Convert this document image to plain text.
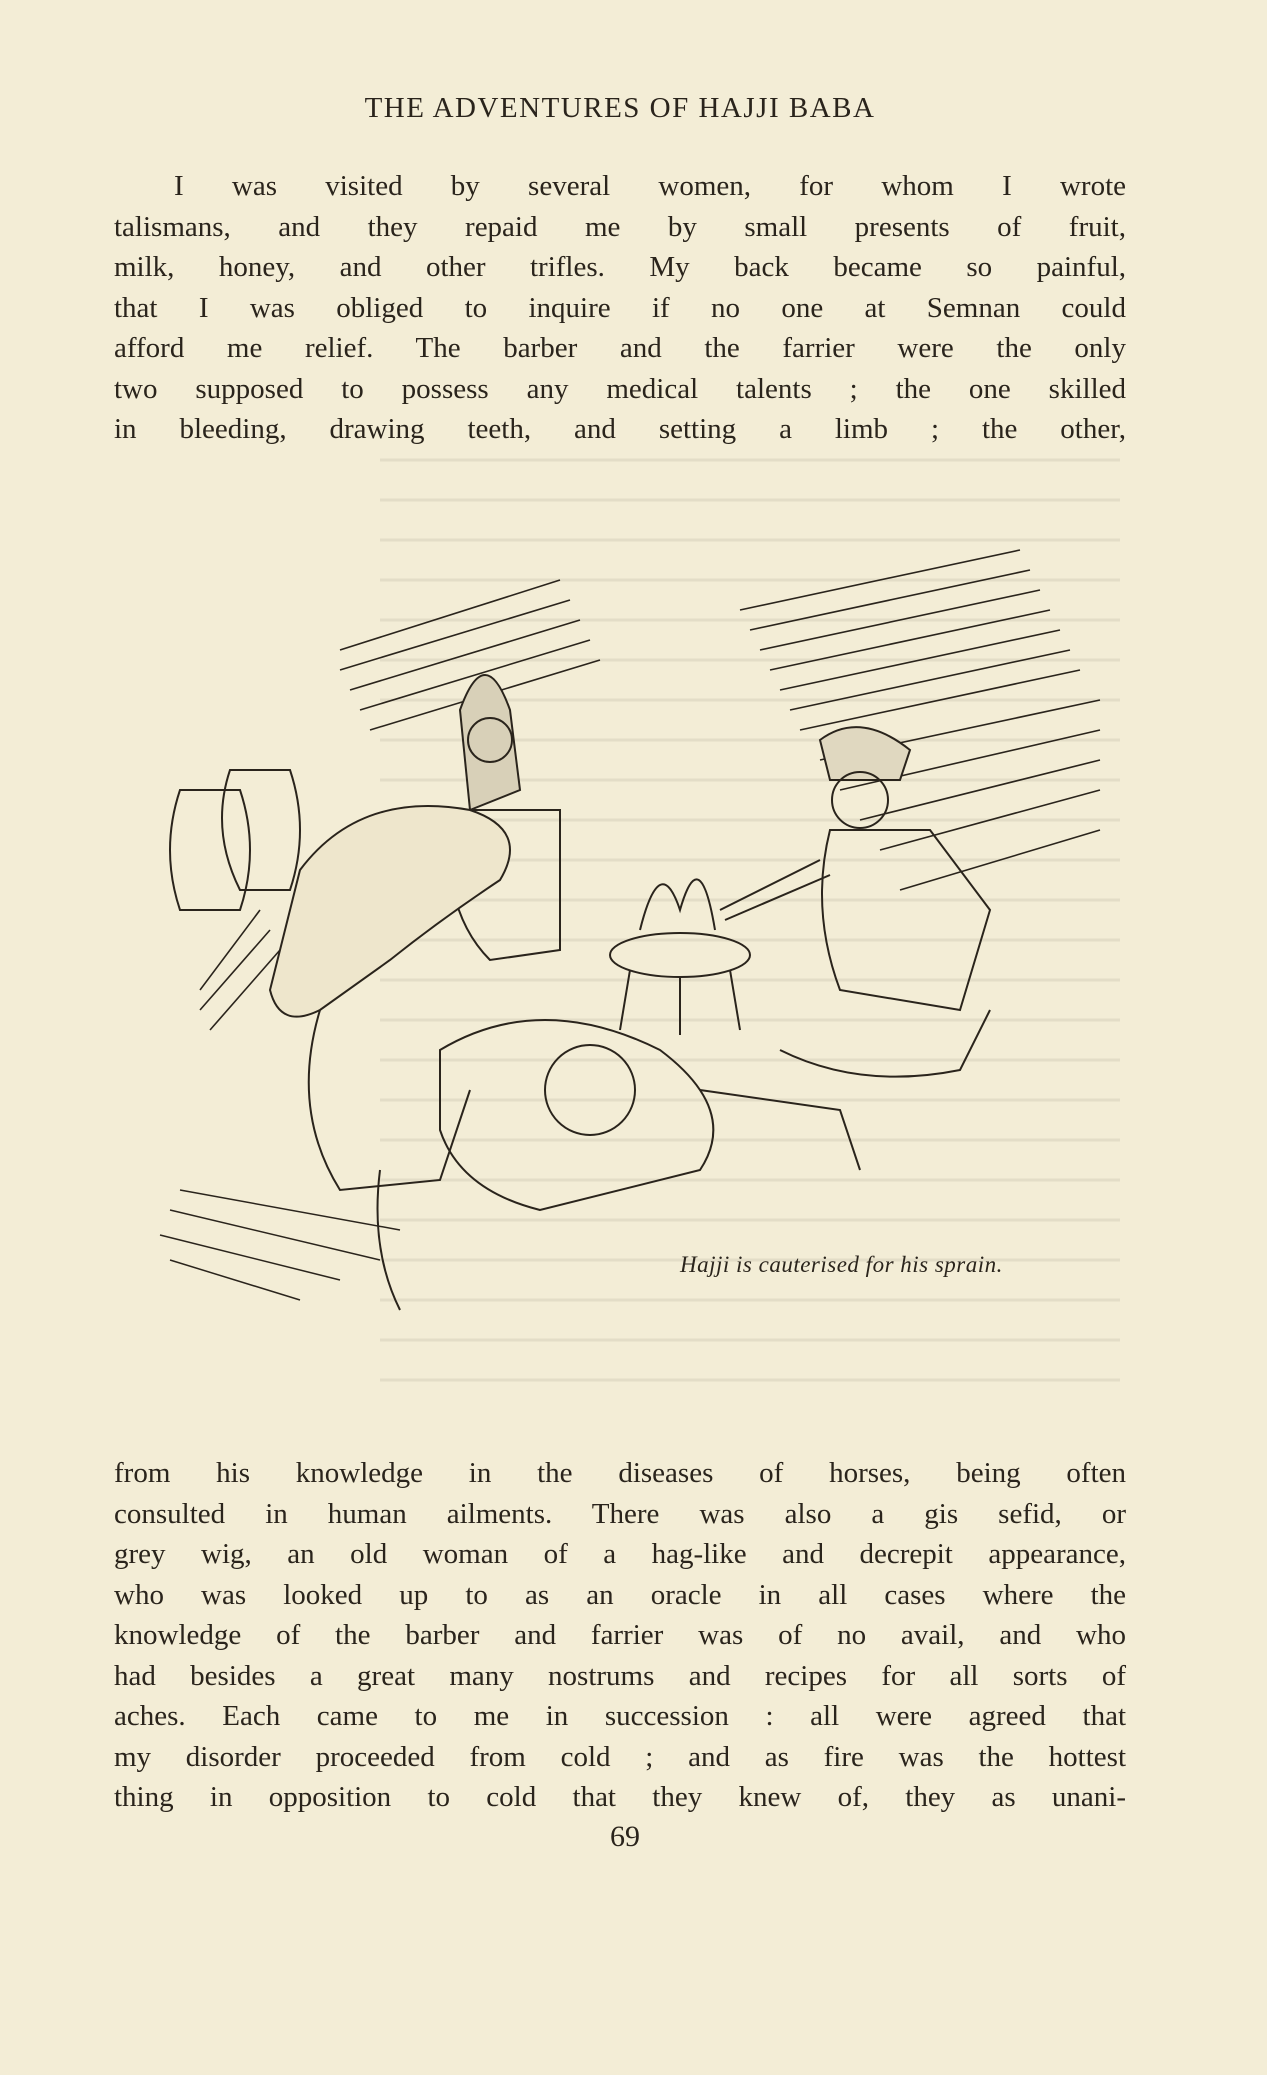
THE ADVENTURES OF HAJJI BABA
I was visited by several women, for whom I wrote
talismans, and they repaid me by small presents of fruit,
milk, honey, and other trifles. My back became so painful,
that I was obliged to inquire if no one at Semnan could
afford me relief. The barber and the farrier were the only
two supposed to possess any medical talents ; the one skilled
in bleeding, drawing teeth, and setting a limb ; the other,
Hajji is cauterised for his sprain.
from his knowledge in the diseases of horses, being often
consulted in human ailments. There was also a gis sefid, or
grey wig, an old woman of a hag-like and decrepit appearance,
who was looked up to as an oracle in all cases where the
knowledge of the barber and farrier was of no avail, and who
had besides a great many nostrums and recipes for all sorts of
aches. Each came to me in succession : all were agreed that
my disorder proceeded from cold ; and as fire was the hottest
thing in opposition to cold that they knew of, they as unani-
69
